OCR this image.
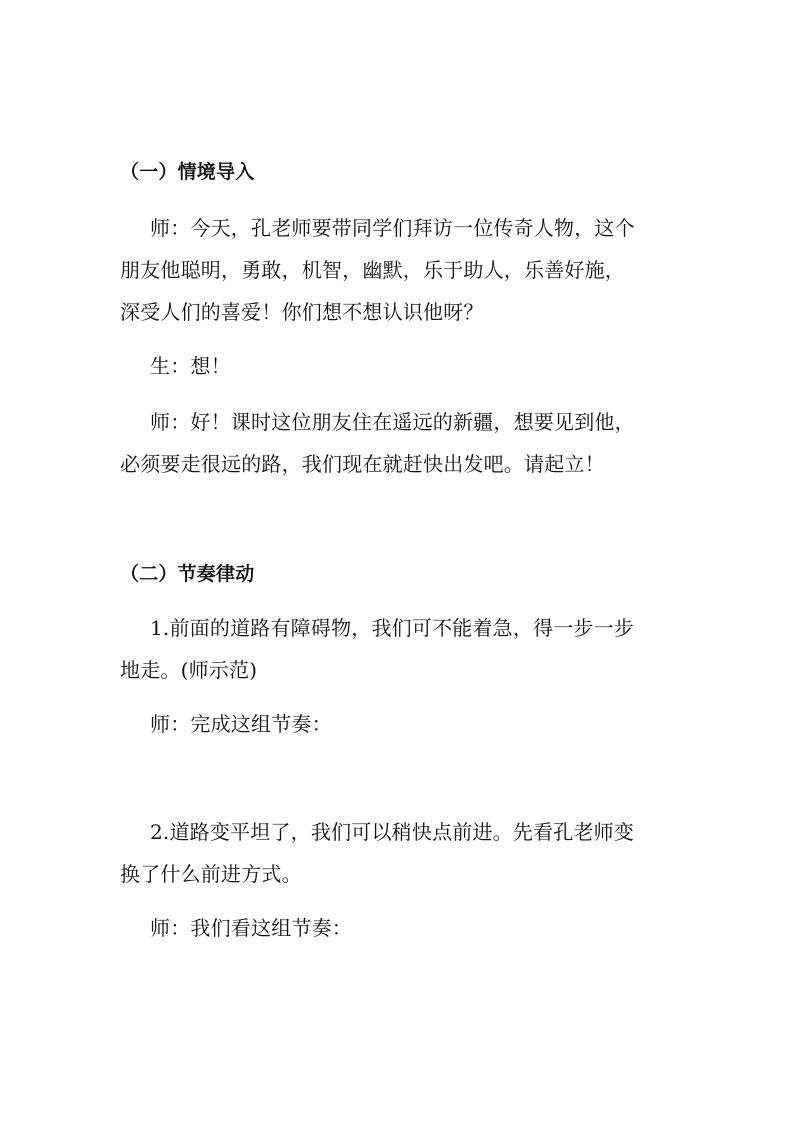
（一）情境导入
师：今天，孔老师要带同学们拜访一位传奇人物，这个
朋友他聪明，勇敢，机智，幽默，乐于助人，乐善好施，
深受人们的喜爱！你们想不想认识他呀？
生：想！
师：好！课时这位朋友住在遥远的新疆，想要见到他，
必须要走很远的路，我们现在就赶快出发吧。请起立！
（二）节奏律动
1.前面的道路有障碍物，我们可不能着急，得一步一步
地走。(师示范)
师：完成这组节奏：
2.道路变平坦了，我们可以稍快点前进。先看孔老师变
换了什么前进方式。
师：我们看这组节奏：
